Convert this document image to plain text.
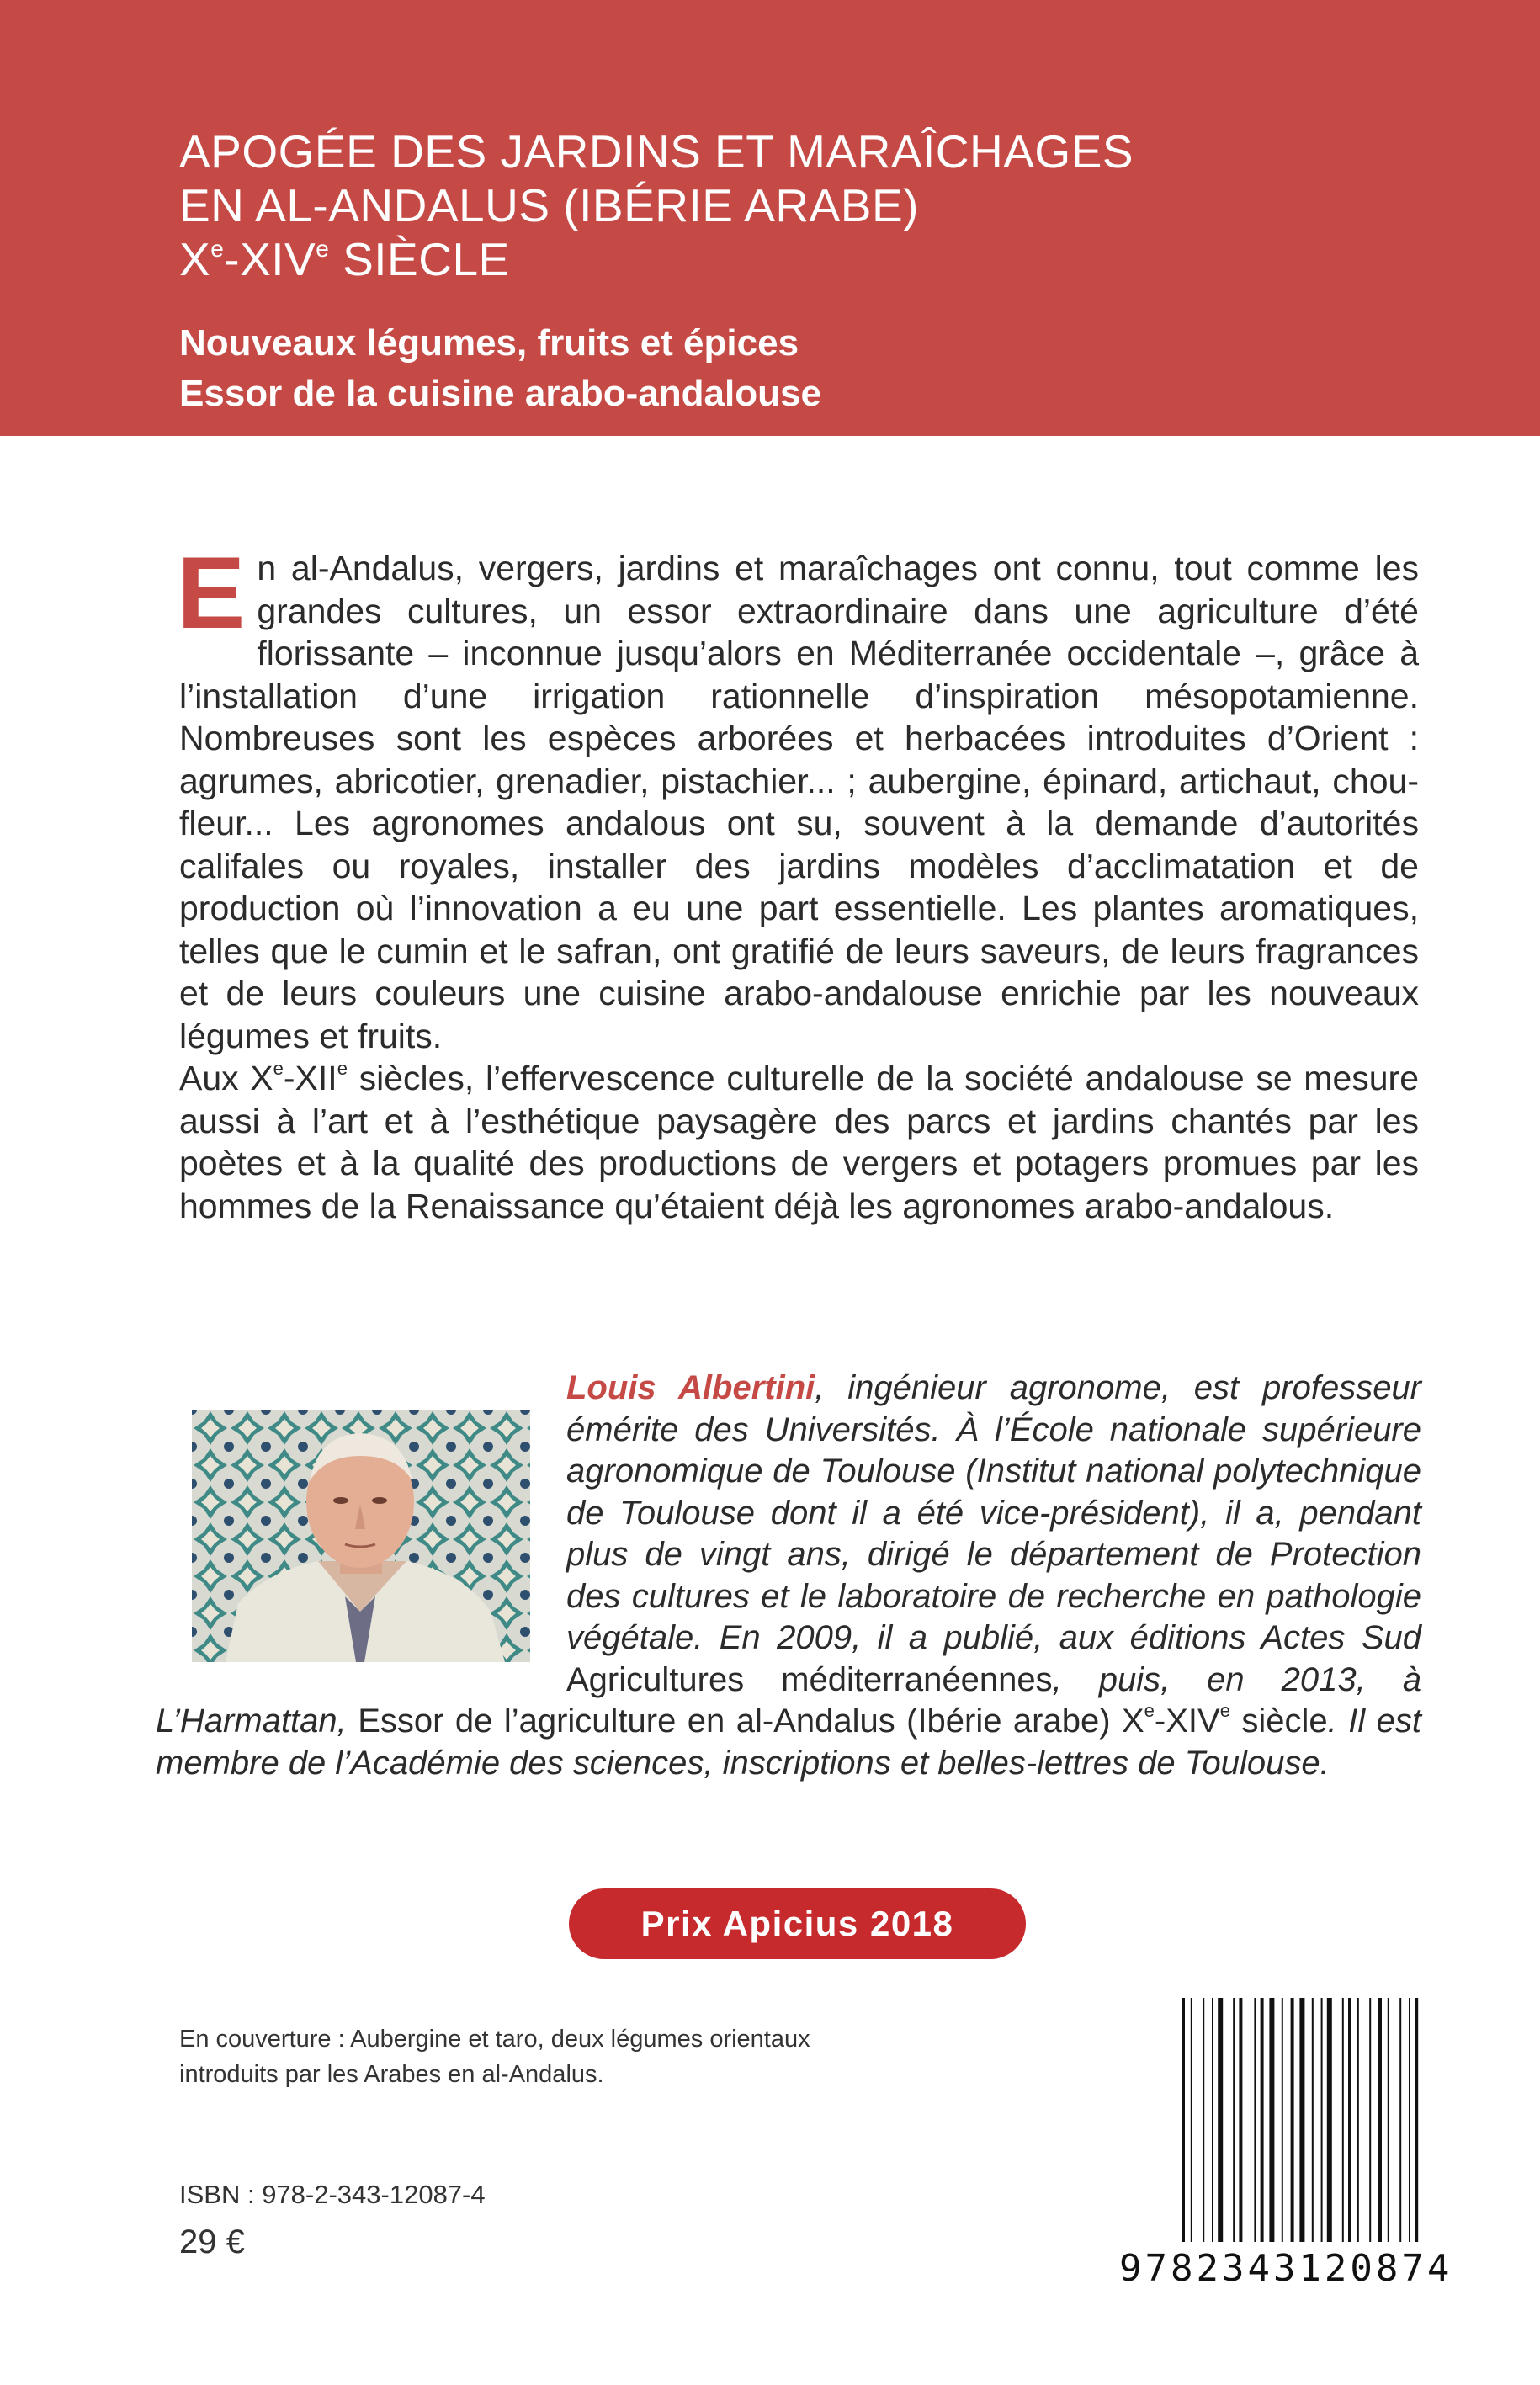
APOGÉE DES JARDINS ET MARAÎCHAGES
EN AL-ANDALUS (IBÉRIE ARABE)
Xe-XIVe SIÈCLE
Nouveaux légumes, fruits et épices
Essor de la cuisine arabo-andalouse

En al-Andalus, vergers, jardins et maraîchages ont connu, tout comme les grandes cultures, un essor extraordinaire dans une agriculture d’été florissante – inconnue jusqu’alors en Méditerranée occidentale –, grâce à l’installation d’une irrigation rationnelle d’inspiration mésopotamienne. Nombreuses sont les espèces arborées et herbacées introduites d’Orient : agrumes, abricotier, grenadier, pistachier... ; aubergine, épinard, artichaut, chou-fleur... Les agronomes andalous ont su, souvent à la demande d’autorités califales ou royales, installer des jardins modèles d’acclimatation et de production où l’innovation a eu une part essentielle. Les plantes aromatiques, telles que le cumin et le safran, ont gratifié de leurs saveurs, de leurs fragrances et de leurs couleurs une cuisine arabo-andalouse enrichie par les nouveaux légumes et fruits.

Aux Xe-XIIe siècles, l’effervescence culturelle de la société andalouse se mesure aussi à l’art et à l’esthétique paysagère des parcs et jardins chantés par les poètes et à la qualité des productions de vergers et potagers promues par les hommes de la Renaissance qu’étaient déjà les agronomes arabo-andalous.

Louis Albertini, ingénieur agronome, est professeur émérite des Universités. À l’École nationale supérieure agronomique de Toulouse (Institut national polytechnique de Toulouse dont il a été vice-président), il a, pendant plus de vingt ans, dirigé le département de Protection des cultures et le laboratoire de recherche en pathologie végétale. En 2009, il a publié, aux éditions Actes Sud Agricultures méditerranéennes, puis, en 2013, à L’Harmattan, Essor de l’agriculture en al-Andalus (Ibérie arabe) Xe-XIVe siècle. Il est membre de l’Académie des sciences, inscriptions et belles-lettres de Toulouse.
Prix Apicius 2018
En couverture : Aubergine et taro, deux légumes orientaux
introduits par les Arabes en al-Andalus.
ISBN : 978-2-343-12087-4
29 €
9782343120874
